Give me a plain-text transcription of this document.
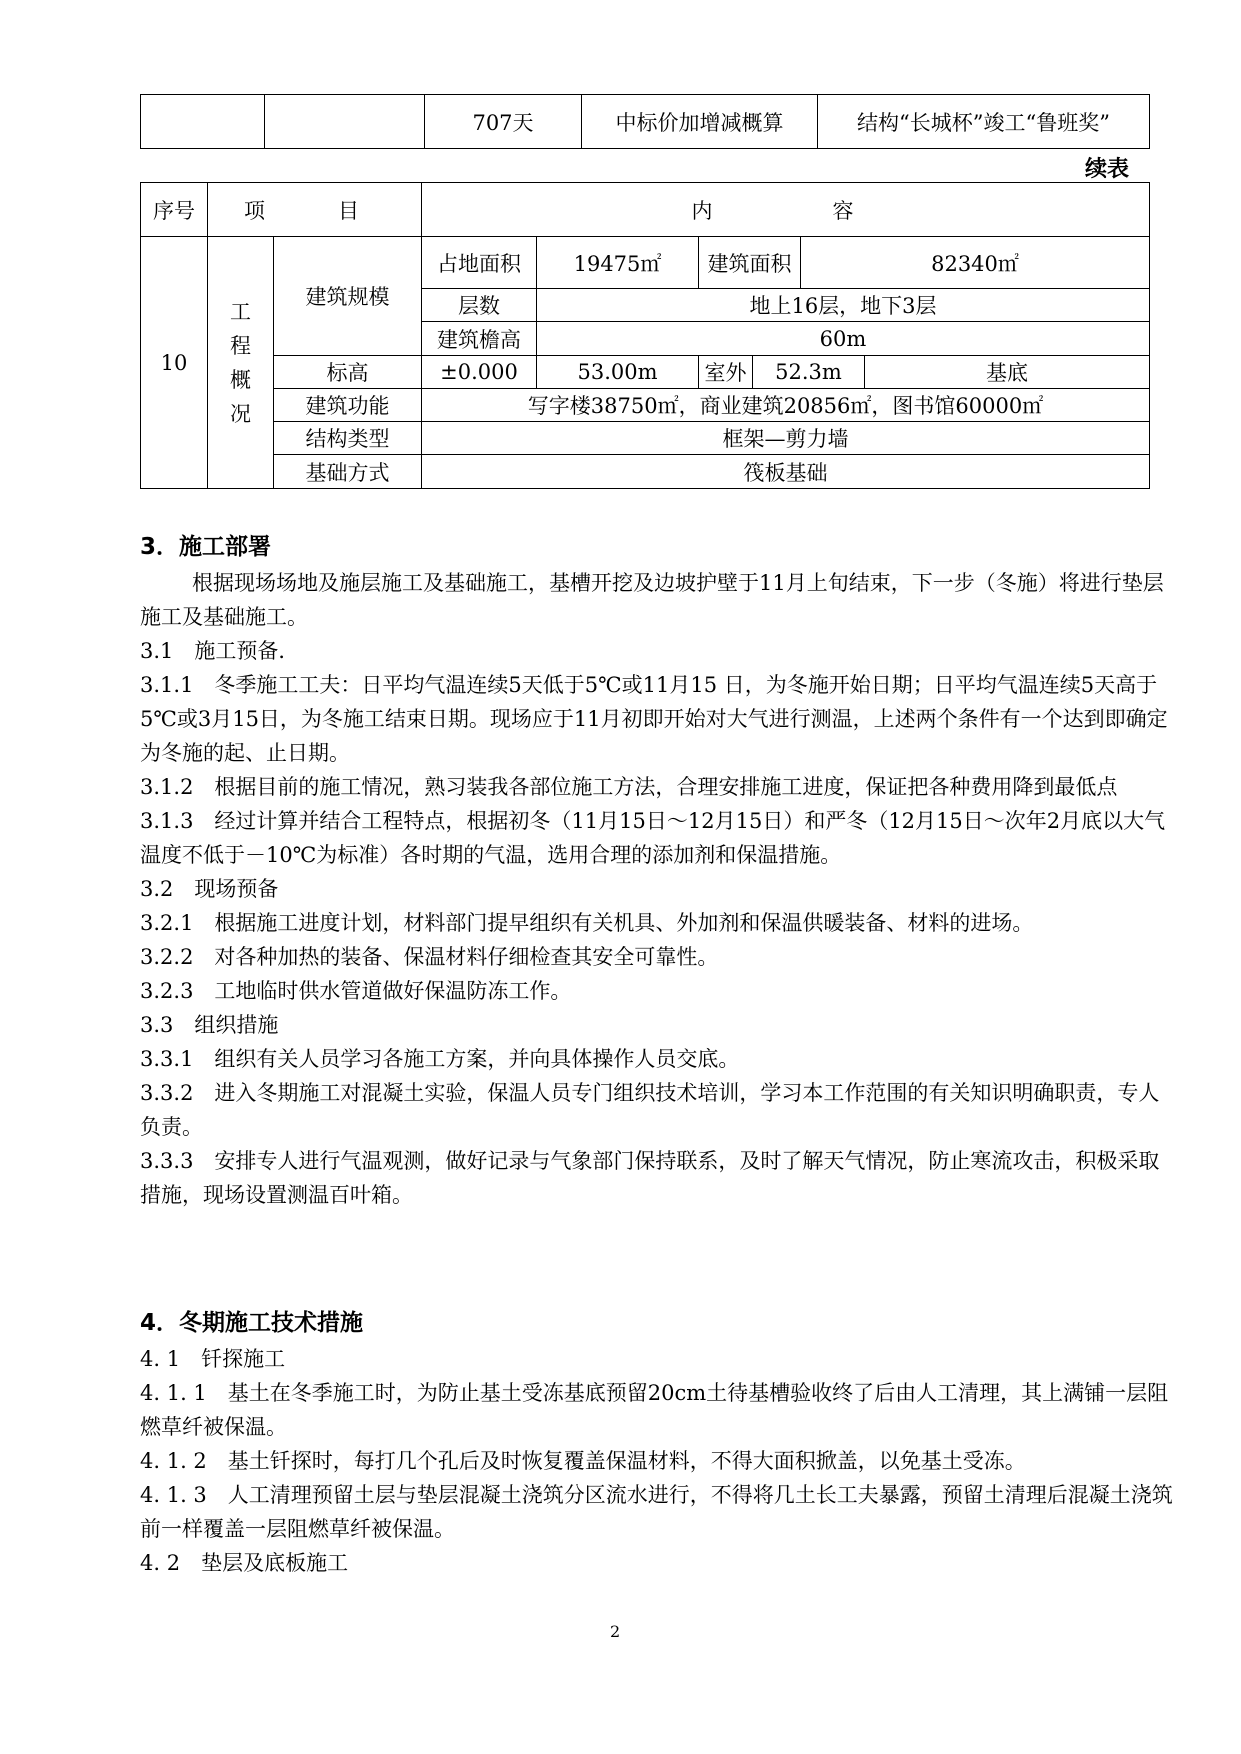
		707天	中标价加增减概算	结构“长城杯”竣工“鲁班奖”
续表
序号	项　目		内　　容						
10	工程概况	建筑规模	占地面积	19475㎡	建筑面积		82340㎡		
			层数	地上16层，地下3层					
			建筑檐高	60m					
		标高	±0.000	53.00m	室外	52.3m		基底	
		建筑功能	写字楼38750㎡，商业建筑20856㎡，图书馆60000㎡						
		结构类型	框架—剪力墙						
		基础方式	筏板基础						
3．施工部署

根据现场场地及施层施工及基础施工，基槽开挖及边坡护壁于11月上旬结束，下一步（冬施）将进行垫层施工及基础施工。

3.1　施工预备．

3.1.1　冬季施工工夫：日平均气温连续5天低于5℃或11月15 日，为冬施开始日期；日平均气温连续5天高于5℃或3月15日，为冬施工结束日期。现场应于11月初即开始对大气进行测温，上述两个条件有一个达到即确定为冬施的起、止日期。

3.1.2　根据目前的施工情况，熟习装我各部位施工方法，合理安排施工进度，保证把各种费用降到最低点

3.1.3　经过计算并结合工程特点，根据初冬（11月15日～12月15日）和严冬（12月15日～次年2月底以大气温度不低于－10℃为标准）各时期的气温，选用合理的添加剂和保温措施。

3.2　现场预备

3.2.1　根据施工进度计划，材料部门提早组织有关机具、外加剂和保温供暖装备、材料的进场。

3.2.2　对各种加热的装备、保温材料仔细检查其安全可靠性。

3.2.3　工地临时供水管道做好保温防冻工作。

3.3　组织措施

3.3.1　组织有关人员学习各施工方案，并向具体操作人员交底。

3.3.2　进入冬期施工对混凝土实验，保温人员专门组织技术培训，学习本工作范围的有关知识明确职责，专人负责。

3.3.3　安排专人进行气温观测，做好记录与气象部门保持联系，及时了解天气情况，防止寒流攻击，积极采取措施，现场设置测温百叶箱。

4．冬期施工技术措施

4. 1　钎探施工

4. 1. 1　基土在冬季施工时，为防止基土受冻基底预留20cm土待基槽验收终了后由人工清理，其上满铺一层阻燃草纤被保温。

4. 1. 2　基土钎探时，每打几个孔后及时恢复覆盖保温材料，不得大面积掀盖，以免基土受冻。

4. 1. 3　人工清理预留土层与垫层混凝土浇筑分区流水进行，不得将几土长工夫暴露，预留土清理后混凝土浇筑前一样覆盖一层阻燃草纤被保温。

4. 2　垫层及底板施工

2
